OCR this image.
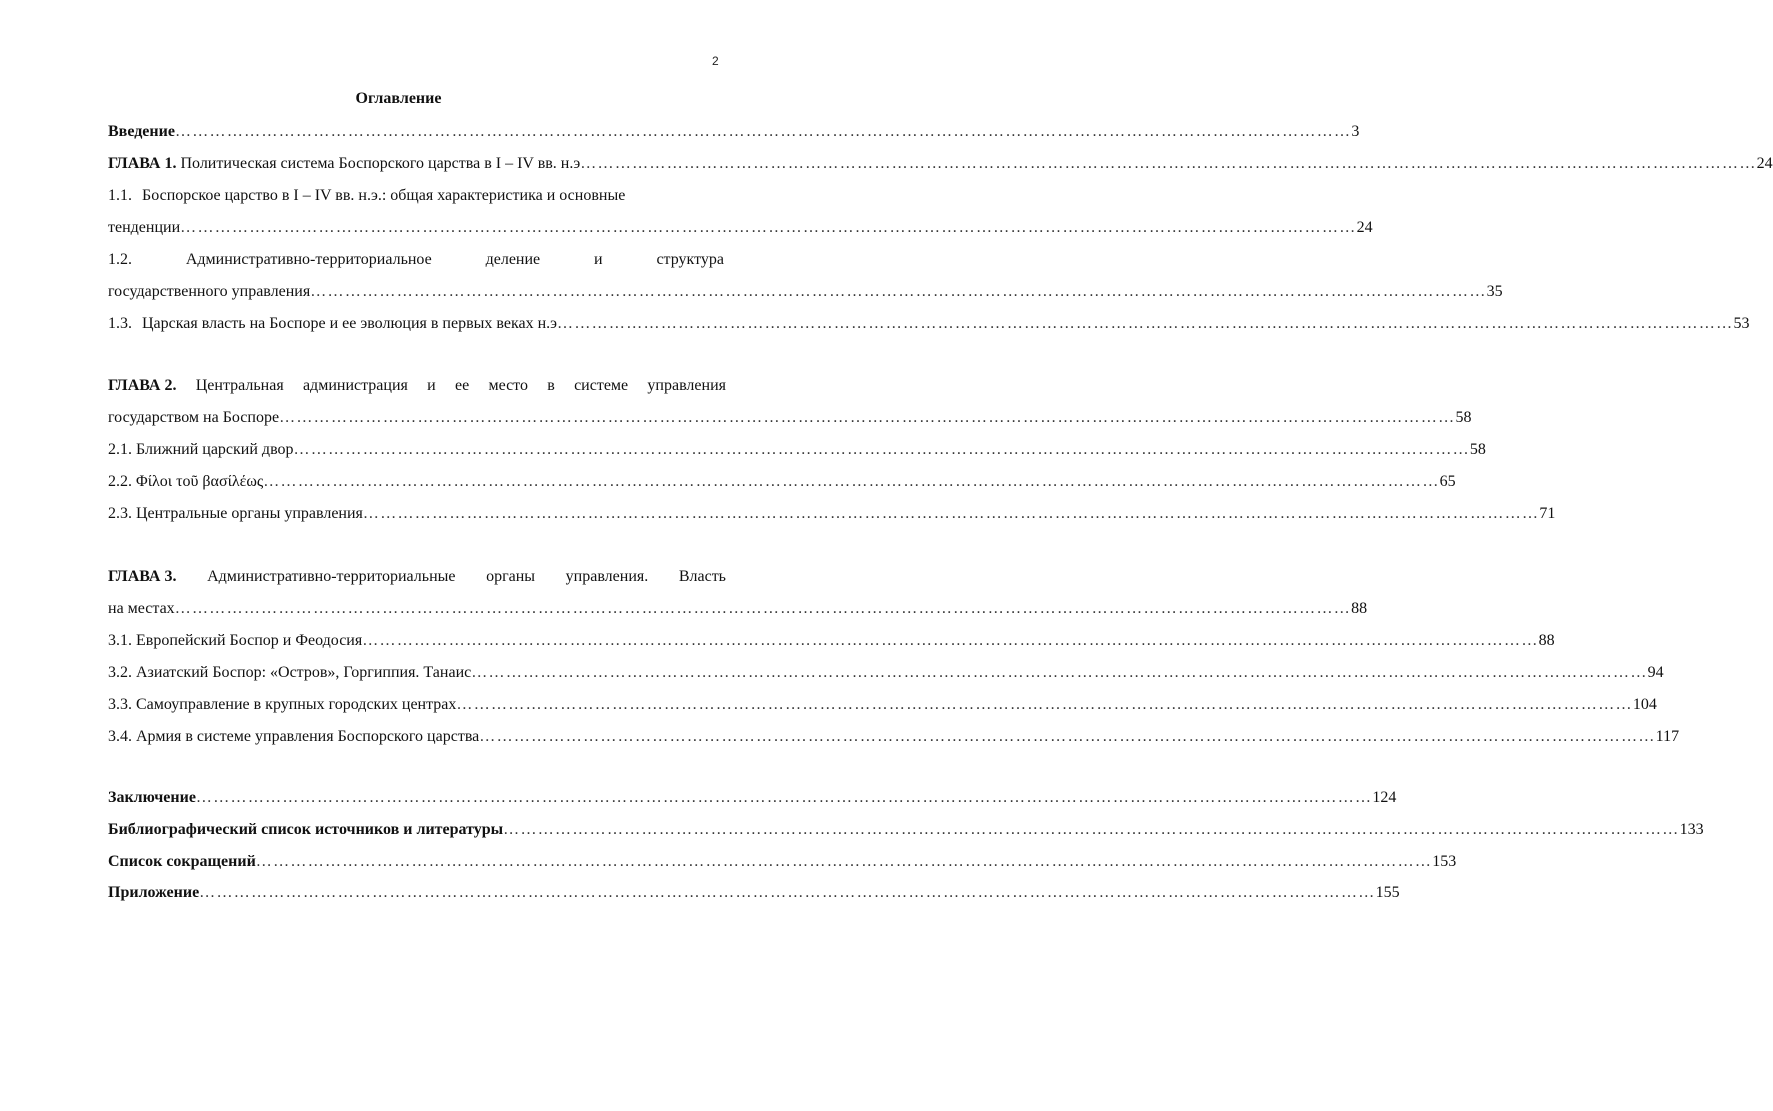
2
Оглавление
Введение …………………………………………………………………………………………………………………………………………………………………………………… 3
ГЛАВА 1. Политическая система Боспорского царства в I – IV вв. н.э …………………………………………………………………………………………………………………………………………………………………………………… 24
1.1. Боспорское царство в I – IV вв. н.э.: общая характеристика и основные
тенденции …………………………………………………………………………………………………………………………………………………………………………………… 24
1.2.	Административно-территориальное	деление	и	структура
государственного управления …………………………………………………………………………………………………………………………………………………………………………………… 35
1.3. Царская власть на Боспоре и ее эволюция в первых веках н.э …………………………………………………………………………………………………………………………………………………………………………………… 53
ГЛАВА 2. Центральная администрация и ее место в системе управления
государством на Боспоре …………………………………………………………………………………………………………………………………………………………………………………… 58
2.1. Ближний царский двор …………………………………………………………………………………………………………………………………………………………………………………… 58
2.2. Φίλοι τοῦ βασίλέως …………………………………………………………………………………………………………………………………………………………………………………… 65
2.3. Центральные органы управления …………………………………………………………………………………………………………………………………………………………………………………… 71
ГЛАВА 3. Административно-территориальные органы управления. Власть
на местах …………………………………………………………………………………………………………………………………………………………………………………… 88
3.1. Европейский Боспор и Феодосия …………………………………………………………………………………………………………………………………………………………………………………… 88
3.2. Азиатский Боспор: «Остров», Горгиппия. Танаис …………………………………………………………………………………………………………………………………………………………………………………… 94
3.3. Самоуправление в крупных городских центрах …………………………………………………………………………………………………………………………………………………………………………………… 104
3.4. Армия в системе управления Боспорского царства …………………………………………………………………………………………………………………………………………………………………………………… 117
Заключение …………………………………………………………………………………………………………………………………………………………………………………… 124
Библиографический список источников и литературы …………………………………………………………………………………………………………………………………………………………………………………… 133
Список сокращений …………………………………………………………………………………………………………………………………………………………………………………… 153
Приложение …………………………………………………………………………………………………………………………………………………………………………………… 155
